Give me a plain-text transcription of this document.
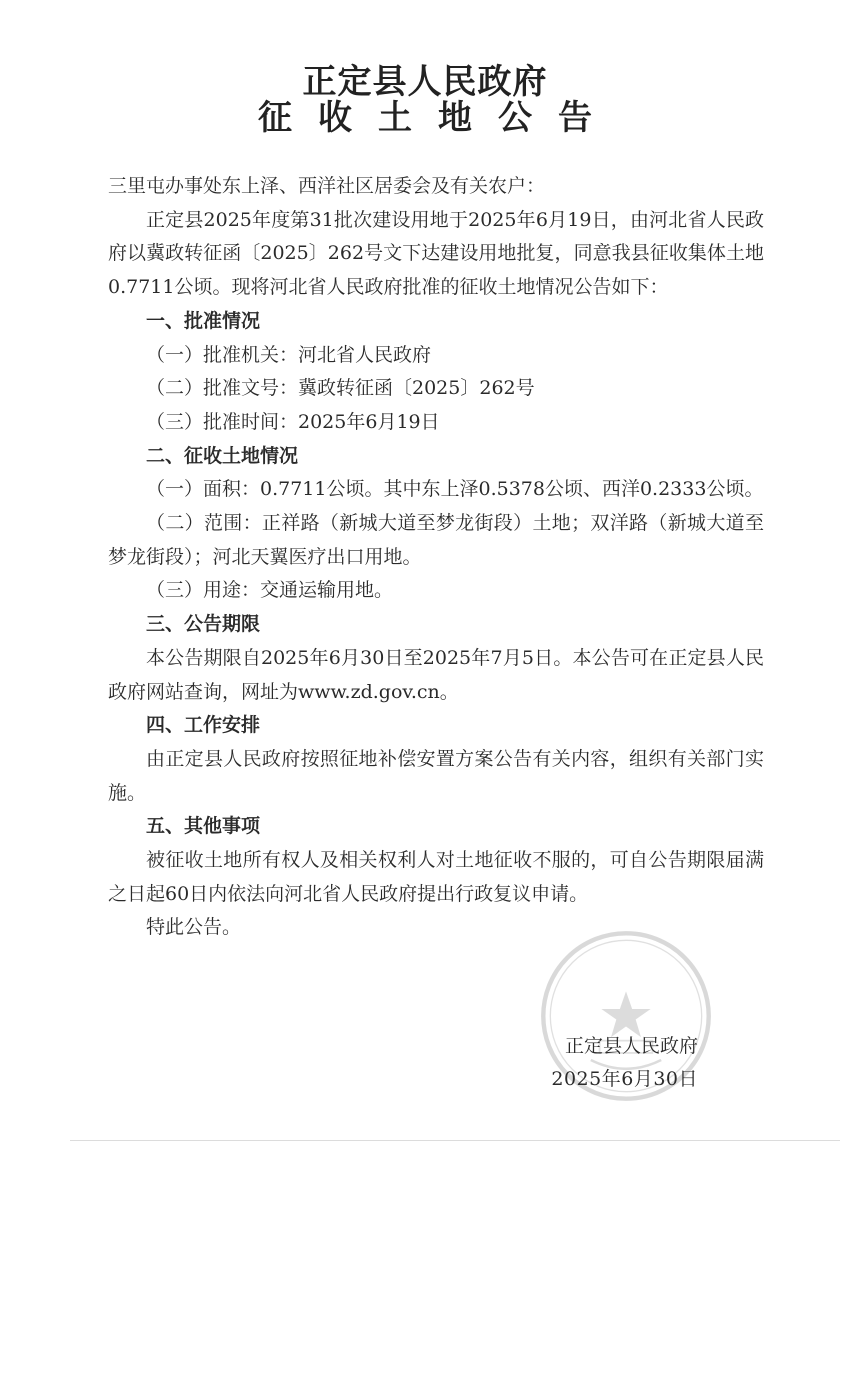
正定县人民政府
征收土地公告

三里屯办事处东上泽、西洋社区居委会及有关农户：

正定县2025年度第31批次建设用地于2025年6月19日，由河北省人民政府以冀政转征函〔2025〕262号文下达建设用地批复，同意我县征收集体土地0.7711公顷。现将河北省人民政府批准的征收土地情况公告如下：

一、批准情况

（一）批准机关：河北省人民政府

（二）批准文号：冀政转征函〔2025〕262号

（三）批准时间：2025年6月19日

二、征收土地情况

（一）面积：0.7711公顷。其中东上泽0.5378公顷、西洋0.2333公顷。

（二）范围：正祥路（新城大道至梦龙街段）土地；双洋路（新城大道至梦龙街段）；河北天翼医疗出口用地。

（三）用途：交通运输用地。

三、公告期限

本公告期限自2025年6月30日至2025年7月5日。本公告可在正定县人民政府网站查询，网址为www.zd.gov.cn。

四、工作安排

由正定县人民政府按照征地补偿安置方案公告有关内容，组织有关部门实施。

五、其他事项

被征收土地所有权人及相关权利人对土地征收不服的，可自公告期限届满之日起60日内依法向河北省人民政府提出行政复议申请。

特此公告。

正定县人民政府
2025年6月30日
